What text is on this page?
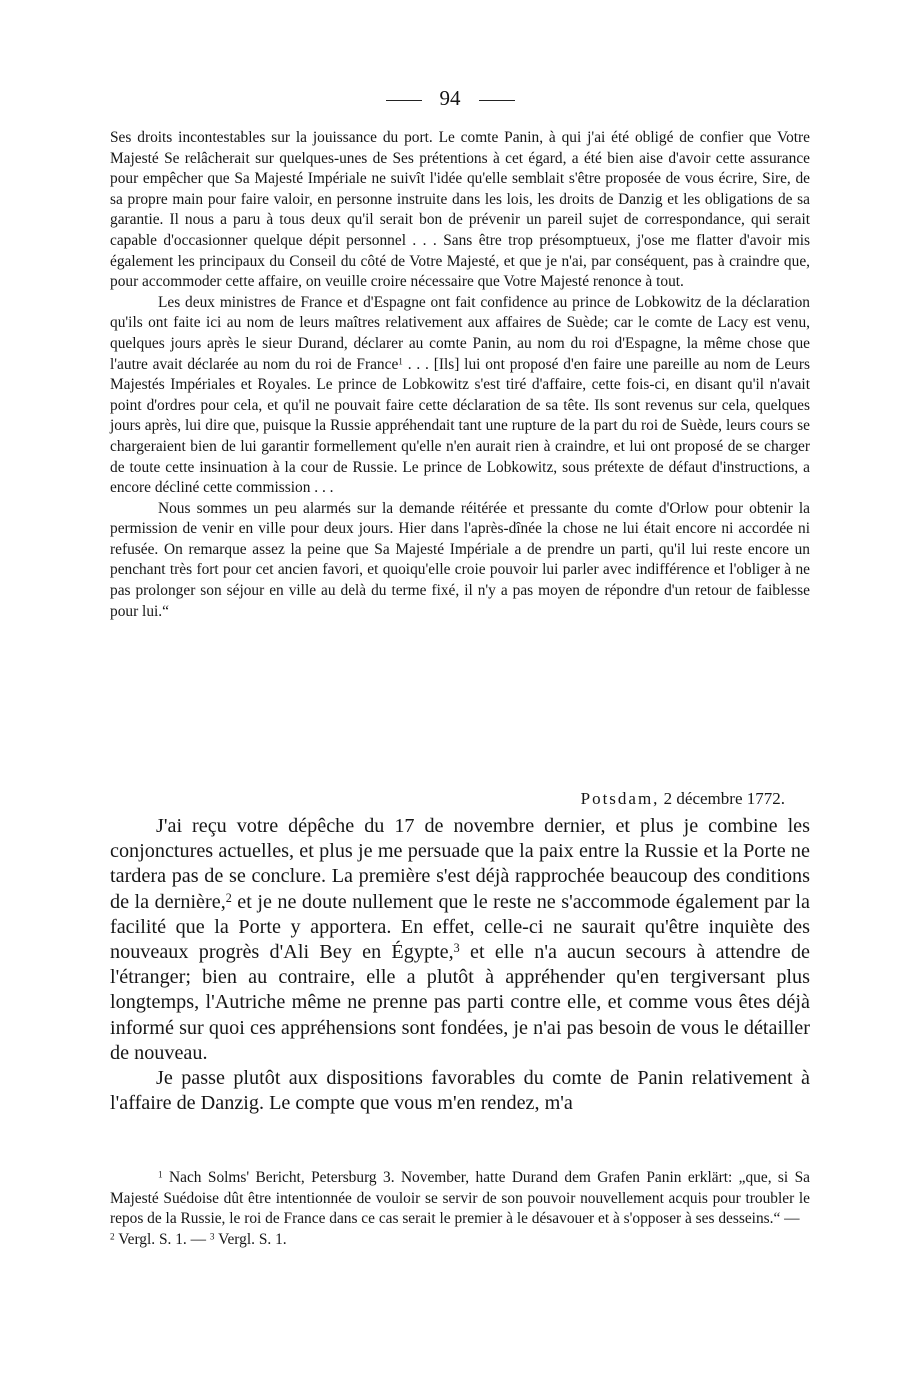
94

Ses droits incontestables sur la jouissance du port. Le comte Panin, à qui j'ai été obligé de confier que Votre Majesté Se relâcherait sur quelques-unes de Ses prétentions à cet égard, a été bien aise d'avoir cette assurance pour empêcher que Sa Majesté Impériale ne suivît l'idée qu'elle semblait s'être proposée de vous écrire, Sire, de sa propre main pour faire valoir, en personne instruite dans les lois, les droits de Danzig et les obligations de sa garantie. Il nous a paru à tous deux qu'il serait bon de prévenir un pareil sujet de correspondance, qui serait capable d'occasionner quelque dépit personnel . . . Sans être trop présomptueux, j'ose me flatter d'avoir mis également les principaux du Conseil du côté de Votre Majesté, et que je n'ai, par conséquent, pas à craindre que, pour accommoder cette affaire, on veuille croire nécessaire que Votre Majesté renonce à tout.

Les deux ministres de France et d'Espagne ont fait confidence au prince de Lobkowitz de la déclaration qu'ils ont faite ici au nom de leurs maîtres relativement aux affaires de Suède; car le comte de Lacy est venu, quelques jours après le sieur Durand, déclarer au comte Panin, au nom du roi d'Espagne, la même chose que l'autre avait déclarée au nom du roi de France$^1$ . . . [Ils] lui ont proposé d'en faire une pareille au nom de Leurs Majestés Impériales et Royales. Le prince de Lobkowitz s'est tiré d'affaire, cette fois-ci, en disant qu'il n'avait point d'ordres pour cela, et qu'il ne pouvait faire cette déclaration de sa tête. Ils sont revenus sur cela, quelques jours après, lui dire que, puisque la Russie appréhendait tant une rupture de la part du roi de Suède, leurs cours se chargeraient bien de lui garantir formellement qu'elle n'en aurait rien à craindre, et lui ont proposé de se charger de toute cette insinuation à la cour de Russie. Le prince de Lobkowitz, sous prétexte de défaut d'instructions, a encore décliné cette commission . . .

Nous sommes un peu alarmés sur la demande réitérée et pressante du comte d'Orlow pour obtenir la permission de venir en ville pour deux jours. Hier dans l'après-dînée la chose ne lui était encore ni accordée ni refusée. On remarque assez la peine que Sa Majesté Impériale a de prendre un parti, qu'il lui reste encore un penchant très fort pour cet ancien favori, et quoiqu'elle croie pouvoir lui parler avec indifférence et l'obliger à ne pas prolonger son séjour en ville au delà du terme fixé, il n'y a pas moyen de répondre d'un retour de faiblesse pour lui.“

Potsdam, 2 décembre 1772.

J'ai reçu votre dépêche du 17 de novembre dernier, et plus je combine les conjonctures actuelles, et plus je me persuade que la paix entre la Russie et la Porte ne tardera pas de se conclure. La première s'est déjà rapprochée beaucoup des conditions de la dernière,$^2$ et je ne doute nullement que le reste ne s'accommode également par la facilité que la Porte y apportera. En effet, celle-ci ne saurait qu'être inquiète des nouveaux progrès d'Ali Bey en Égypte,$^3$ et elle n'a aucun secours à attendre de l'étranger; bien au contraire, elle a plutôt à appréhender qu'en tergiversant plus longtemps, l'Autriche même ne prenne pas parti contre elle, et comme vous êtes déjà informé sur quoi ces appréhensions sont fondées, je n'ai pas besoin de vous le détailler de nouveau.

Je passe plutôt aux dispositions favorables du comte de Panin relativement à l'affaire de Danzig. Le compte que vous m'en rendez, m'a

$^1$ Nach Solms' Bericht, Petersburg 3. November, hatte Durand dem Grafen Panin erklärt: „que, si Sa Majesté Suédoise dût être intentionnée de vouloir se servir de son pouvoir nouvellement acquis pour troubler le repos de la Russie, le roi de France dans ce cas serait le premier à le désavouer et à s'opposer à ses desseins.“ —

$^2$ Vergl. S. 1. — $^3$ Vergl. S. 1.
